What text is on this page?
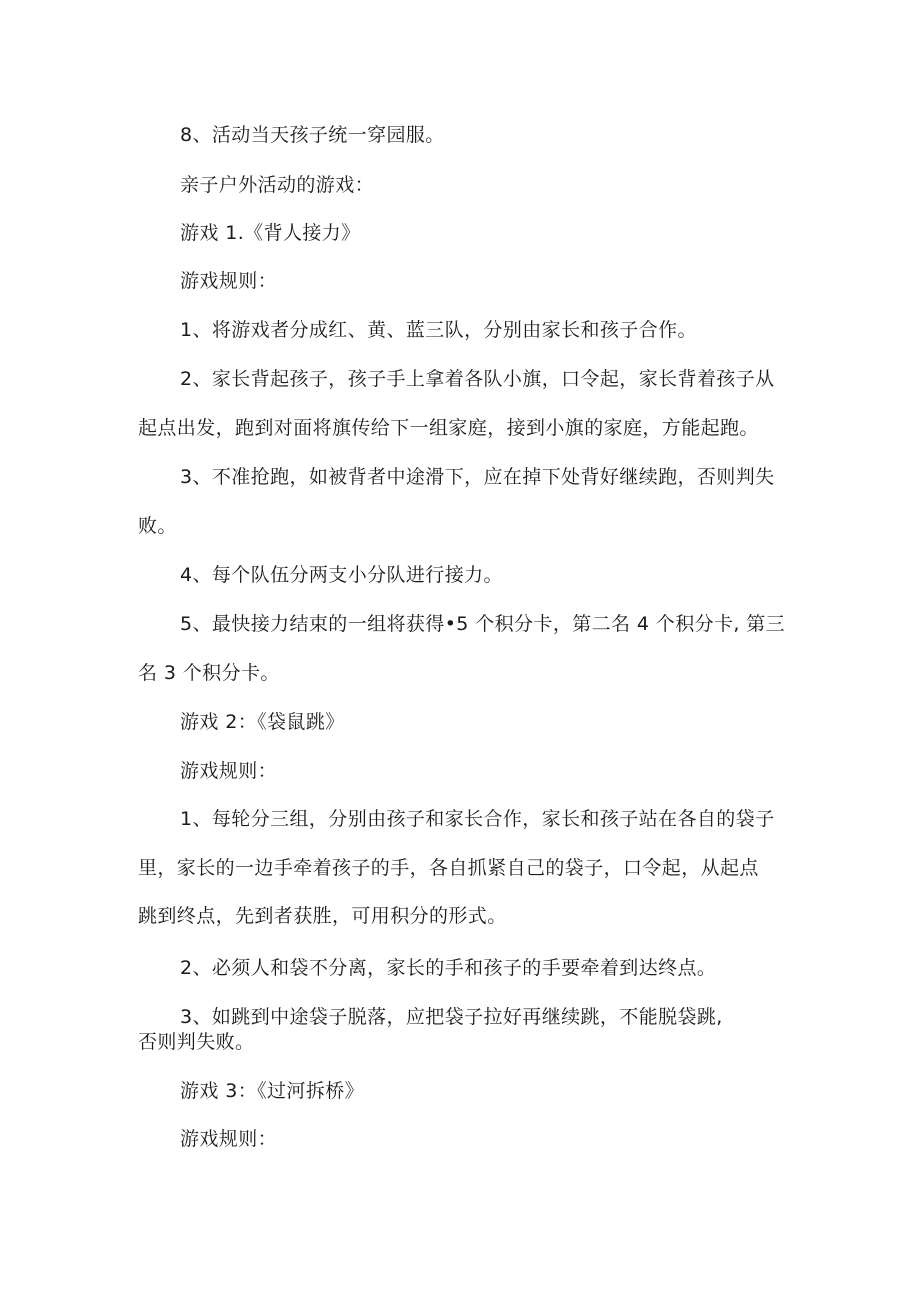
8、活动当天孩子统一穿园服。
亲子户外活动的游戏：
游戏 1.《背人接力》
游戏规则：
1、将游戏者分成红、黄、蓝三队，分别由家长和孩子合作。
2、家长背起孩子，孩子手上拿着各队小旗，口令起，家长背着孩子从
起点出发，跑到对面将旗传给下一组家庭，接到小旗的家庭，方能起跑。
3、不准抢跑，如被背者中途滑下，应在掉下处背好继续跑，否则判失
败。
4、每个队伍分两支小分队进行接力。
5、最快接力结束的一组将获得•5 个积分卡，第二名 4 个积分卡, 第三
名 3 个积分卡。
游戏 2：《袋鼠跳》
游戏规则：
1、每轮分三组，分别由孩子和家长合作，家长和孩子站在各自的袋子
里，家长的一边手牵着孩子的手，各自抓紧自己的袋子，口令起，从起点
跳到终点，先到者获胜，可用积分的形式。
2、必须人和袋不分离，家长的手和孩子的手要牵着到达终点。
3、如跳到中途袋子脱落，应把袋子拉好再继续跳，不能脱袋跳,
否则判失败。
游戏 3：《过河拆桥》
游戏规则：
